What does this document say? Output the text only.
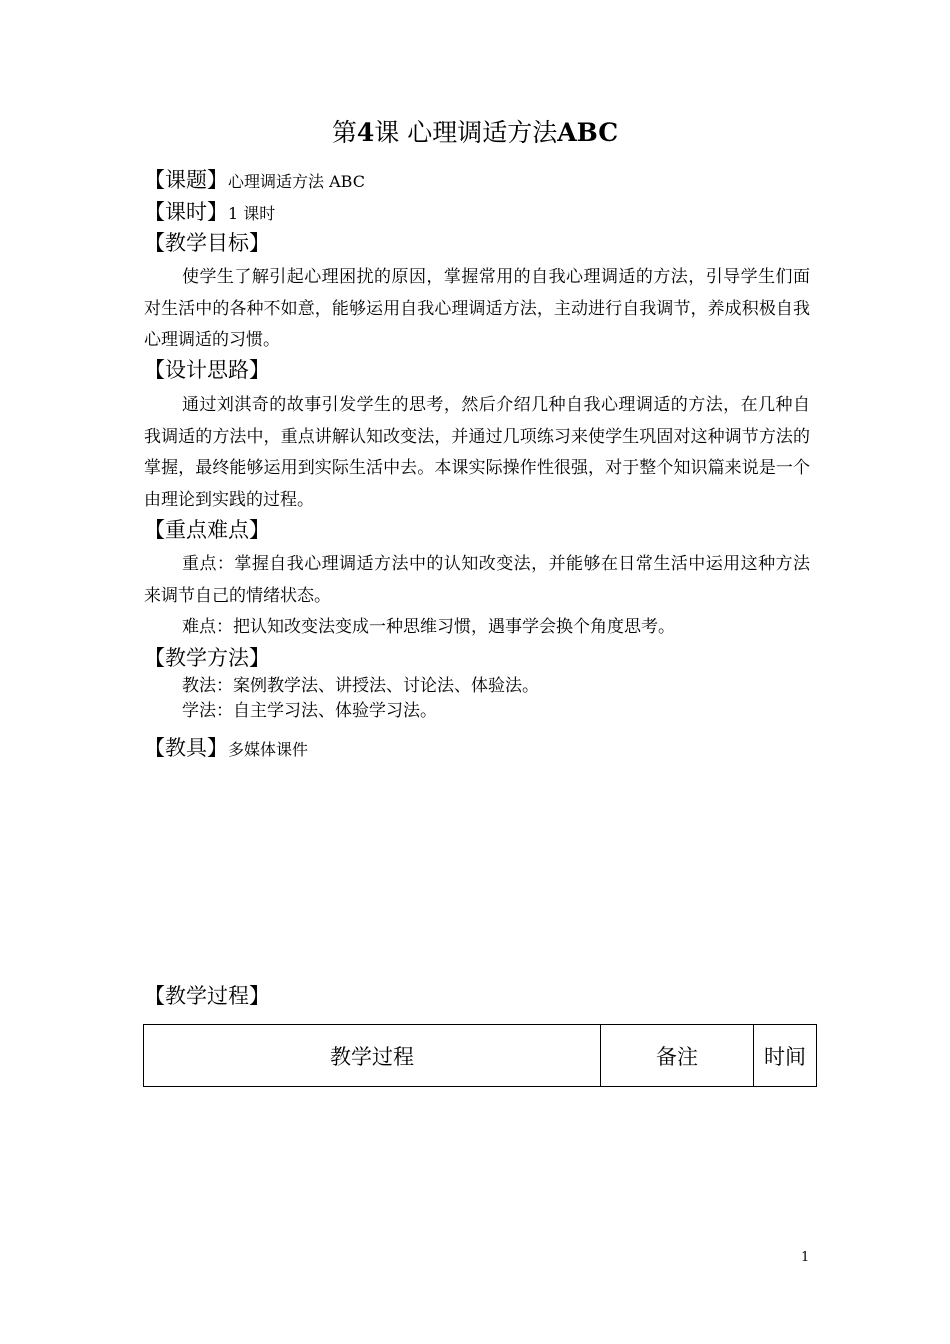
第4课 心理调适方法ABC
【课题】心理调适方法 ABC
【课时】1 课时
【教学目标】
使学生了解引起心理困扰的原因，掌握常用的自我心理调适的方法，引导学生们面对生活中的各种不如意，能够运用自我心理调适方法，主动进行自我调节，养成积极自我心理调适的习惯。
【设计思路】
通过刘淇奇的故事引发学生的思考，然后介绍几种自我心理调适的方法，在几种自我调适的方法中，重点讲解认知改变法，并通过几项练习来使学生巩固对这种调节方法的掌握，最终能够运用到实际生活中去。本课实际操作性很强，对于整个知识篇来说是一个由理论到实践的过程。
【重点难点】
重点：掌握自我心理调适方法中的认知改变法，并能够在日常生活中运用这种方法来调节自己的情绪状态。
难点：把认知改变法变成一种思维习惯，遇事学会换个角度思考。
【教学方法】
教法：案例教学法、讲授法、讨论法、体验法。
学法：自主学习法、体验学习法。
【教具】多媒体课件
【教学过程】
教学过程	备注	时间
1
